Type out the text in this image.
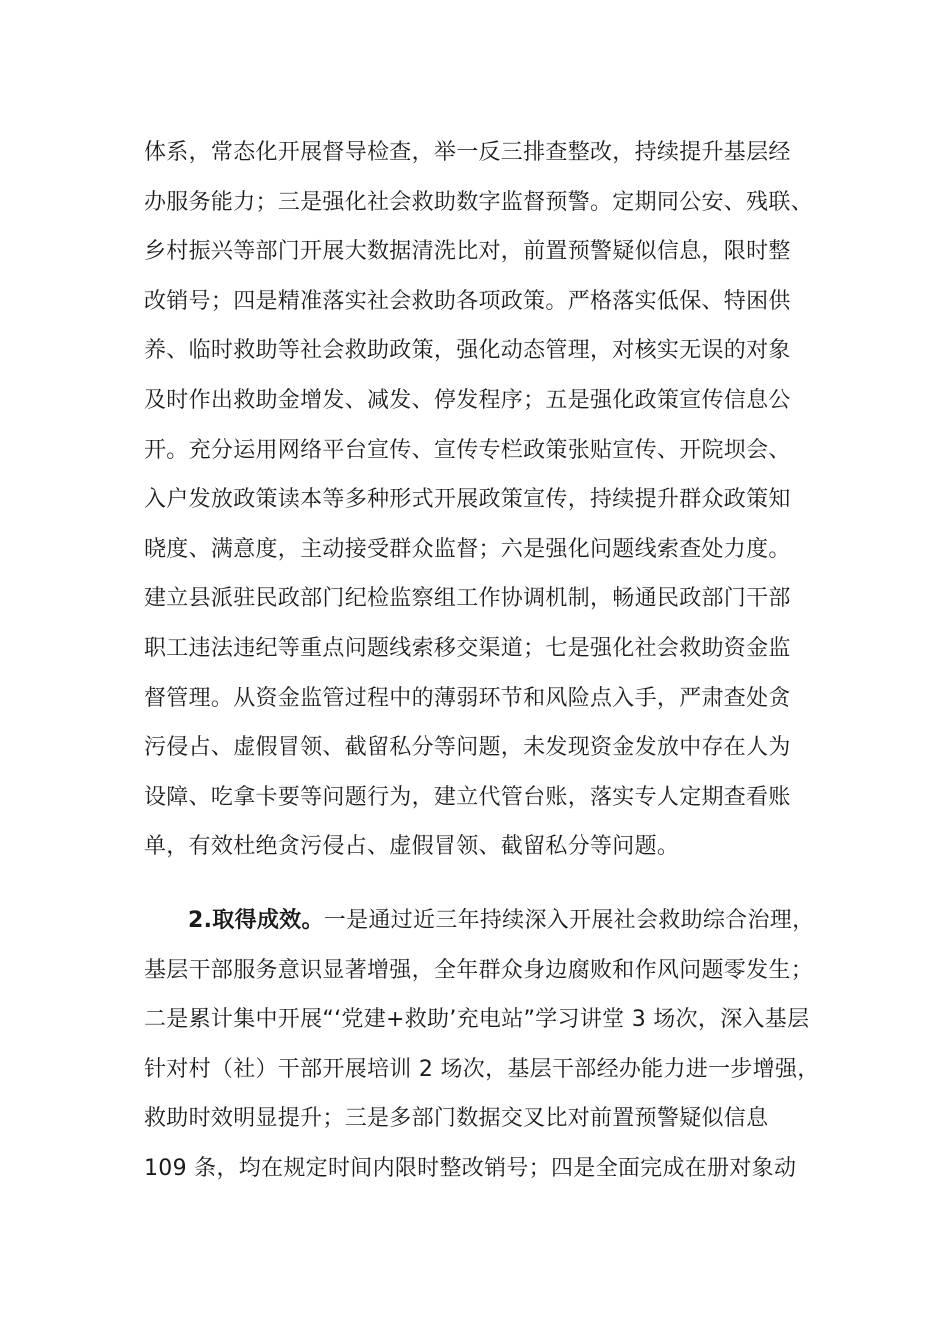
体系，常态化开展督导检查，举一反三排查整改，持续提升基层经
办服务能力；三是强化社会救助数字监督预警。定期同公安、残联、
乡村振兴等部门开展大数据清洗比对，前置预警疑似信息，限时整
改销号；四是精准落实社会救助各项政策。严格落实低保、特困供
养、临时救助等社会救助政策，强化动态管理，对核实无误的对象
及时作出救助金增发、减发、停发程序；五是强化政策宣传信息公
开。充分运用网络平台宣传、宣传专栏政策张贴宣传、开院坝会、
入户发放政策读本等多种形式开展政策宣传，持续提升群众政策知
晓度、满意度，主动接受群众监督；六是强化问题线索查处力度。
建立县派驻民政部门纪检监察组工作协调机制，畅通民政部门干部
职工违法违纪等重点问题线索移交渠道；七是强化社会救助资金监
督管理。从资金监管过程中的薄弱环节和风险点入手，严肃查处贪
污侵占、虚假冒领、截留私分等问题，未发现资金发放中存在人为
设障、吃拿卡要等问题行为，建立代管台账，落实专人定期查看账
单，有效杜绝贪污侵占、虚假冒领、截留私分等问题。
2.取得成效。一是通过近三年持续深入开展社会救助综合治理，
基层干部服务意识显著增强，全年群众身边腐败和作风问题零发生；
二是累计集中开展“‘党建+救助’充电站”学习讲堂 3 场次，深入基层
针对村（社）干部开展培训 2 场次，基层干部经办能力进一步增强，
救助时效明显提升；三是多部门数据交叉比对前置预警疑似信息
109 条，均在规定时间内限时整改销号；四是全面完成在册对象动
